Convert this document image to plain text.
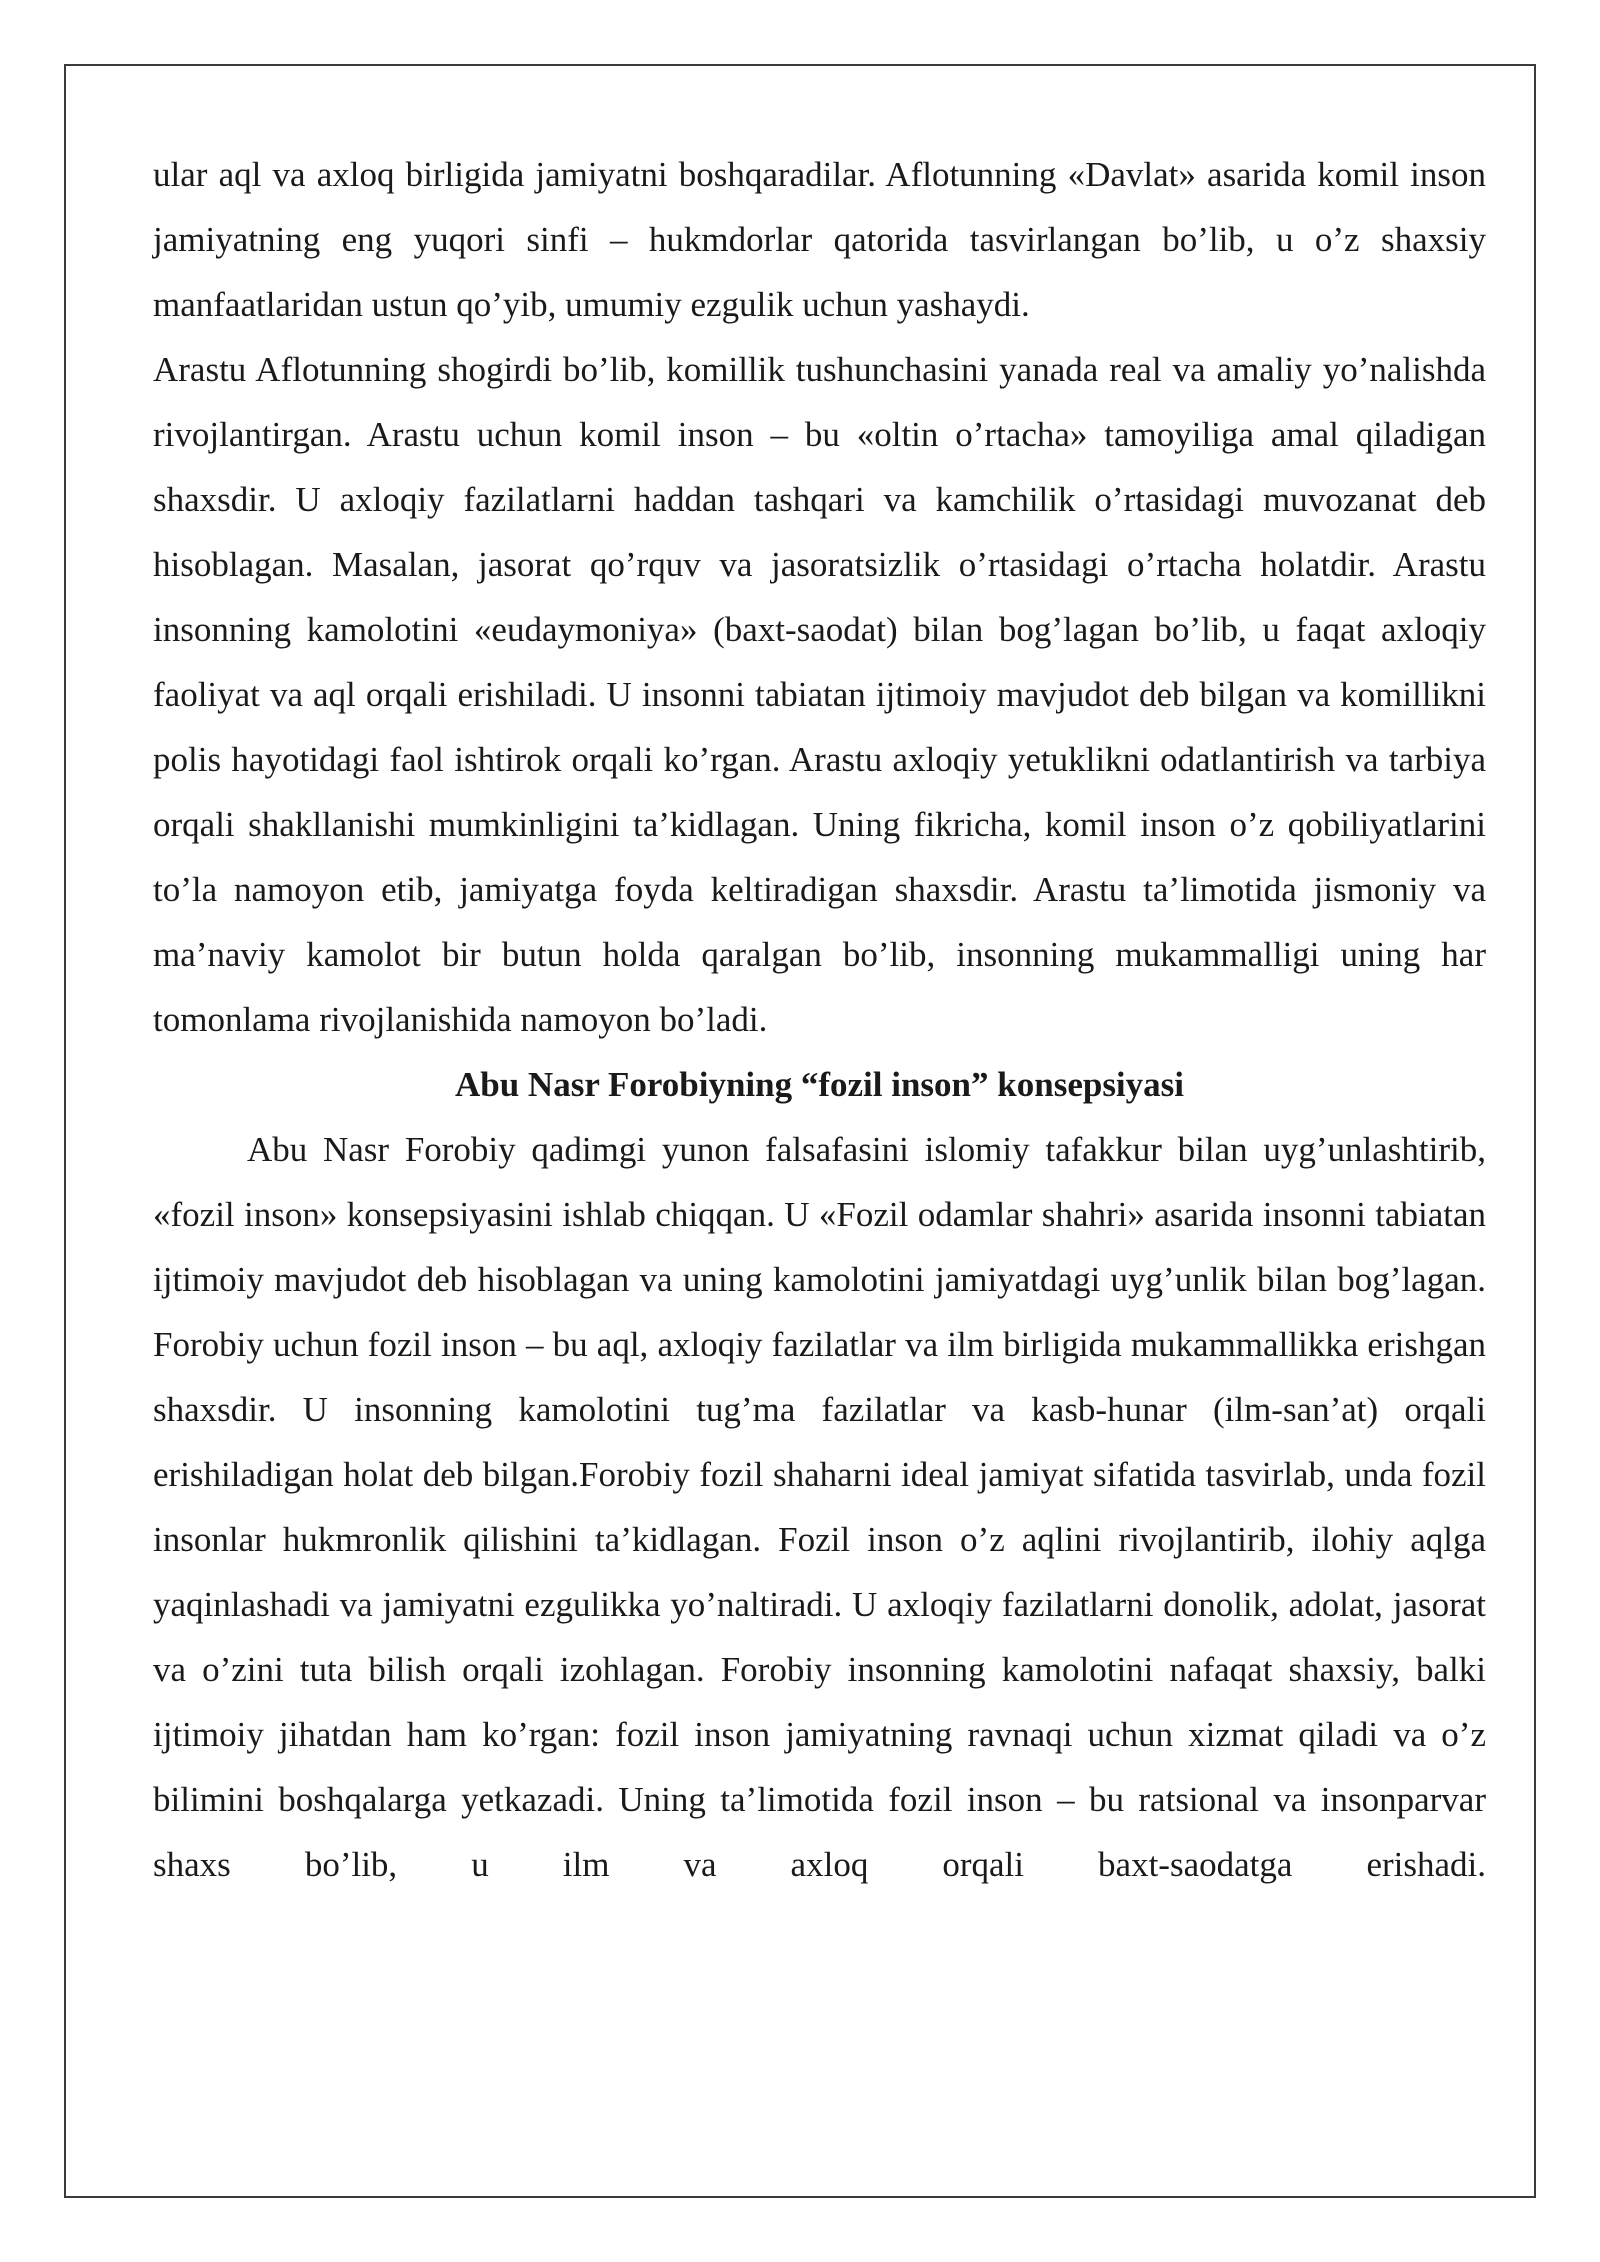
ular aql va axloq birligida jamiyatni boshqaradilar. Aflotunning «Davlat» asarida komil inson jamiyatning eng yuqori sinfi – hukmdorlar qatorida tasvirlangan bo’lib, u o’z shaxsiy manfaatlaridan ustun qo’yib, umumiy ezgulik uchun yashaydi.

Arastu Aflotunning shogirdi bo’lib, komillik tushunchasini yanada real va amaliy yo’nalishda rivojlantirgan. Arastu uchun komil inson – bu «oltin o’rtacha» tamoyiliga amal qiladigan shaxsdir. U axloqiy fazilatlarni haddan tashqari va kamchilik o’rtasidagi muvozanat deb hisoblagan. Masalan, jasorat qo’rquv va jasoratsizlik o’rtasidagi o’rtacha holatdir. Arastu insonning kamolotini «eudaymoniya» (baxt-saodat) bilan bog’lagan bo’lib, u faqat axloqiy faoliyat va aql orqali erishiladi. U insonni tabiatan ijtimoiy mavjudot deb bilgan va komillikni polis hayotidagi faol ishtirok orqali ko’rgan. Arastu axloqiy yetuklikni odatlantirish va tarbiya orqali shakllanishi mumkinligini ta’kidlagan. Uning fikricha, komil inson o’z qobiliyatlarini to’la namoyon etib, jamiyatga foyda keltiradigan shaxsdir. Arastu ta’limotida jismoniy va ma’naviy kamolot bir butun holda qaralgan bo’lib, insonning mukammalligi uning har tomonlama rivojlanishida namoyon bo’ladi.

Abu Nasr Forobiyning “fozil inson” konsepsiyasi

Abu Nasr Forobiy qadimgi yunon falsafasini islomiy tafakkur bilan uyg’unlashtirib, «fozil inson» konsepsiyasini ishlab chiqqan. U «Fozil odamlar shahri» asarida insonni tabiatan ijtimoiy mavjudot deb hisoblagan va uning kamolotini jamiyatdagi uyg’unlik bilan bog’lagan. Forobiy uchun fozil inson – bu aql, axloqiy fazilatlar va ilm birligida mukammallikka erishgan shaxsdir. U insonning kamolotini tug’ma fazilatlar va kasb-hunar (ilm-san’at) orqali erishiladigan holat deb bilgan.Forobiy fozil shaharni ideal jamiyat sifatida tasvirlab, unda fozil insonlar hukmronlik qilishini ta’kidlagan. Fozil inson o’z aqlini rivojlantirib, ilohiy aqlga yaqinlashadi va jamiyatni ezgulikka yo’naltiradi. U axloqiy fazilatlarni donolik, adolat, jasorat va o’zini tuta bilish orqali izohlagan. Forobiy insonning kamolotini nafaqat shaxsiy, balki ijtimoiy jihatdan ham ko’rgan: fozil inson jamiyatning ravnaqi uchun xizmat qiladi va o’z bilimini boshqalarga yetkazadi. Uning ta’limotida fozil inson – bu ratsional va insonparvar shaxs bo’lib, u ilm va axloq orqali baxt-saodatga erishadi.
